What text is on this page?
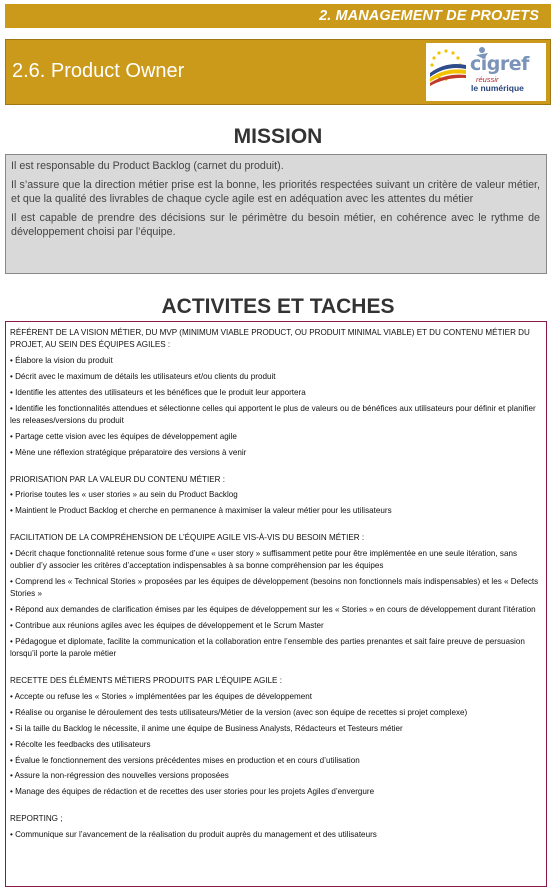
2. MANAGEMENT DE PROJETS
2.6. Product Owner	cigref
réussir
le numérique
MISSION

Il est responsable du Product Backlog (carnet du produit).

Il s’assure que la direction métier prise est la bonne, les priorités respectées suivant un critère de valeur métier, et que la qualité des livrables de chaque cycle agile est en adéquation avec les attentes du métier

Il est capable de prendre des décisions sur le périmètre du besoin métier, en cohérence avec le rythme de développement choisi par l’équipe.

ACTIVITES ET TACHES
RÉFÉRENT DE LA VISION MÉTIER, DU MVP (MINIMUM VIABLE PRODUCT, OU PRODUIT MINIMAL VIABLE) ET DU CONTENU MÉTIER DU PROJET, AU SEIN DES ÉQUIPES AGILES :
• Élabore la vision du produit
• Décrit avec le maximum de détails les utilisateurs et/ou clients du produit
• Identifie les attentes des utilisateurs et les bénéfices que le produit leur apportera
• Identifie les fonctionnalités attendues et sélectionne celles qui apportent le plus de valeurs ou de bénéfices aux utilisateurs pour définir et planifier les releases/versions du produit
• Partage cette vision avec les équipes de développement agile
• Mène une réflexion stratégique préparatoire des versions à venir
PRIORISATION PAR LA VALEUR DU CONTENU MÉTIER :
• Priorise toutes les « user stories » au sein du Product Backlog
• Maintient le Product Backlog et cherche en permanence à maximiser la valeur métier pour les utilisateurs
FACILITATION DE LA COMPRÉHENSION DE L’ÉQUIPE AGILE VIS-À-VIS DU BESOIN MÉTIER :
• Décrit chaque fonctionnalité retenue sous forme d’une « user story » suffisamment petite pour être implémentée en une seule itération, sans oublier d’y associer les critères d’acceptation indispensables à sa bonne compréhension par les équipes
• Comprend les « Technical Stories » proposées par les équipes de développement (besoins non fonctionnels mais indispensables) et les « Defects Stories »
• Répond aux demandes de clarification émises par les équipes de développement sur les « Stories » en cours de développement durant l’itération
• Contribue aux réunions agiles avec les équipes de développement et le Scrum Master
• Pédagogue et diplomate, facilite la communication et la collaboration entre l’ensemble des parties prenantes et sait faire preuve de persuasion lorsqu’il porte la parole métier
RECETTE DES ÉLÉMENTS MÉTIERS PRODUITS PAR L’ÉQUIPE AGILE :
• Accepte ou refuse les « Stories » implémentées par les équipes de développement
• Réalise ou organise le déroulement des tests utilisateurs/Métier de la version (avec son équipe de recettes si projet complexe)
• Si la taille du Backlog le nécessite, il anime une équipe de Business Analysts, Rédacteurs et Testeurs métier
• Récolte les feedbacks des utilisateurs
• Évalue le fonctionnement des versions précédentes mises en production et en cours d’utilisation
• Assure la non-régression des nouvelles versions proposées
• Manage des équipes de rédaction et de recettes des user stories pour les projets Agiles d’envergure
REPORTING ;
• Communique sur l’avancement de la réalisation du produit auprès du management et des utilisateurs
